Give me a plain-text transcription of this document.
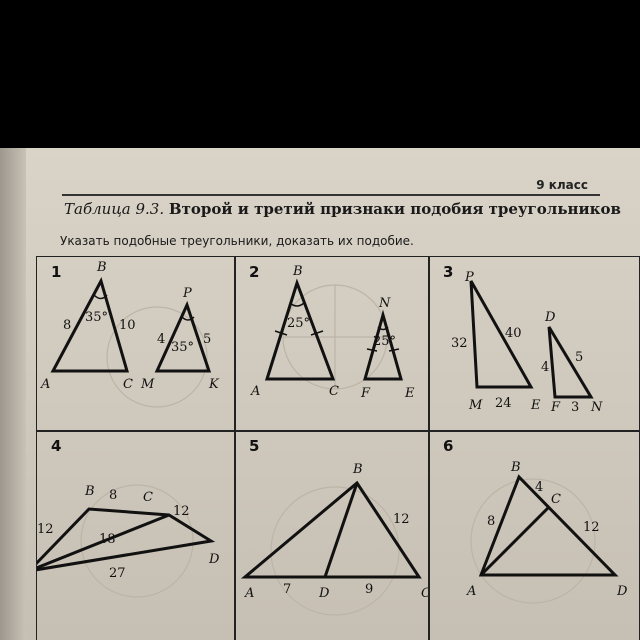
9 класс
Таблица 9.3. Второй и третий признаки подобия треугольников
Указать подобные треугольники, доказать их подобие.
B
A	C M
P
K
8	10
35°
4	5
35°
1	B
A	C F
N
E
25°
25°
2	P
M	E
D
F N
32
40
24
4
5
3
3
B	C
D
12
8
12
18
27
4
B
A	D	C
12
7	9
5
B
C
A	D
4
8	12
6
